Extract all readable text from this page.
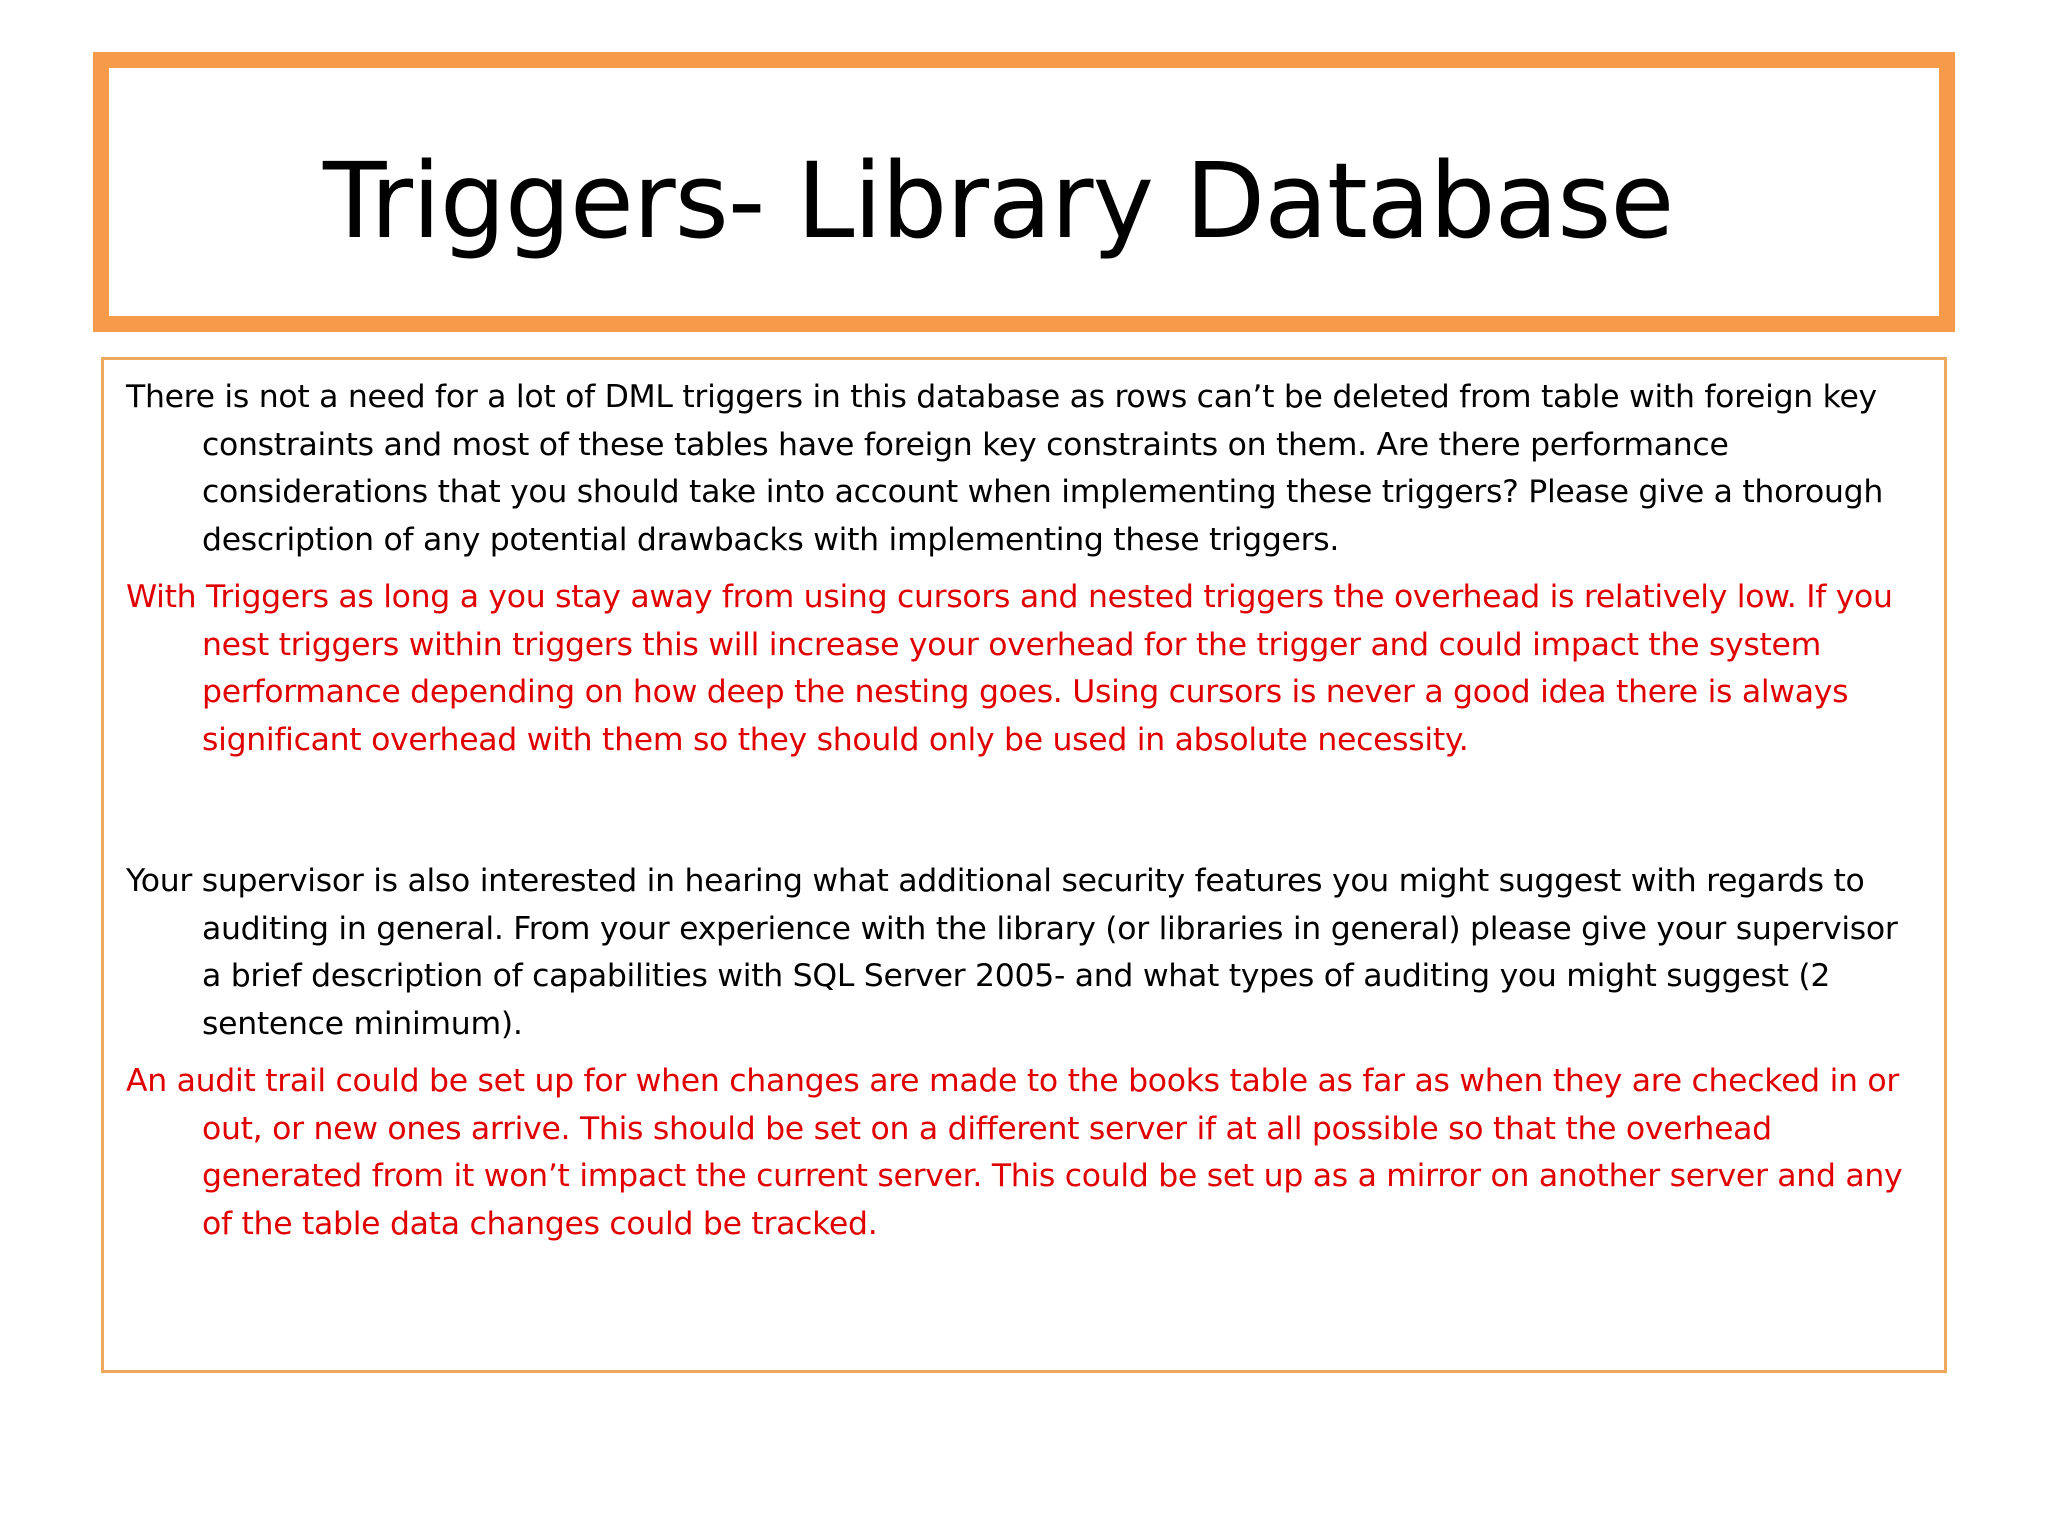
Triggers- Library Database

There is not a need for a lot of DML triggers in this database as rows can’t be deleted from table with foreign key constraints and most of these tables have foreign key constraints on them. Are there performance considerations that you should take into account when implementing these triggers? Please give a thorough description of any potential drawbacks with implementing these triggers.

With Triggers as long a you stay away from using cursors and nested triggers the overhead is relatively low. If you nest triggers within triggers this will increase your overhead for the trigger and could impact the system performance depending on how deep the nesting goes. Using cursors is never a good idea there is always significant overhead with them so they should only be used in absolute necessity.

Your supervisor is also interested in hearing what additional security features you might suggest with regards to auditing in general. From your experience with the library (or libraries in general) please give your supervisor a brief description of capabilities with SQL Server 2005- and what types of auditing you might suggest (2 sentence minimum).

An audit trail could be set up for when changes are made to the books table as far as when they are checked in or out, or new ones arrive. This should be set on a different server if at all possible so that the overhead generated from it won’t impact the current server. This could be set up as a mirror on another server and any of the table data changes could be tracked.
